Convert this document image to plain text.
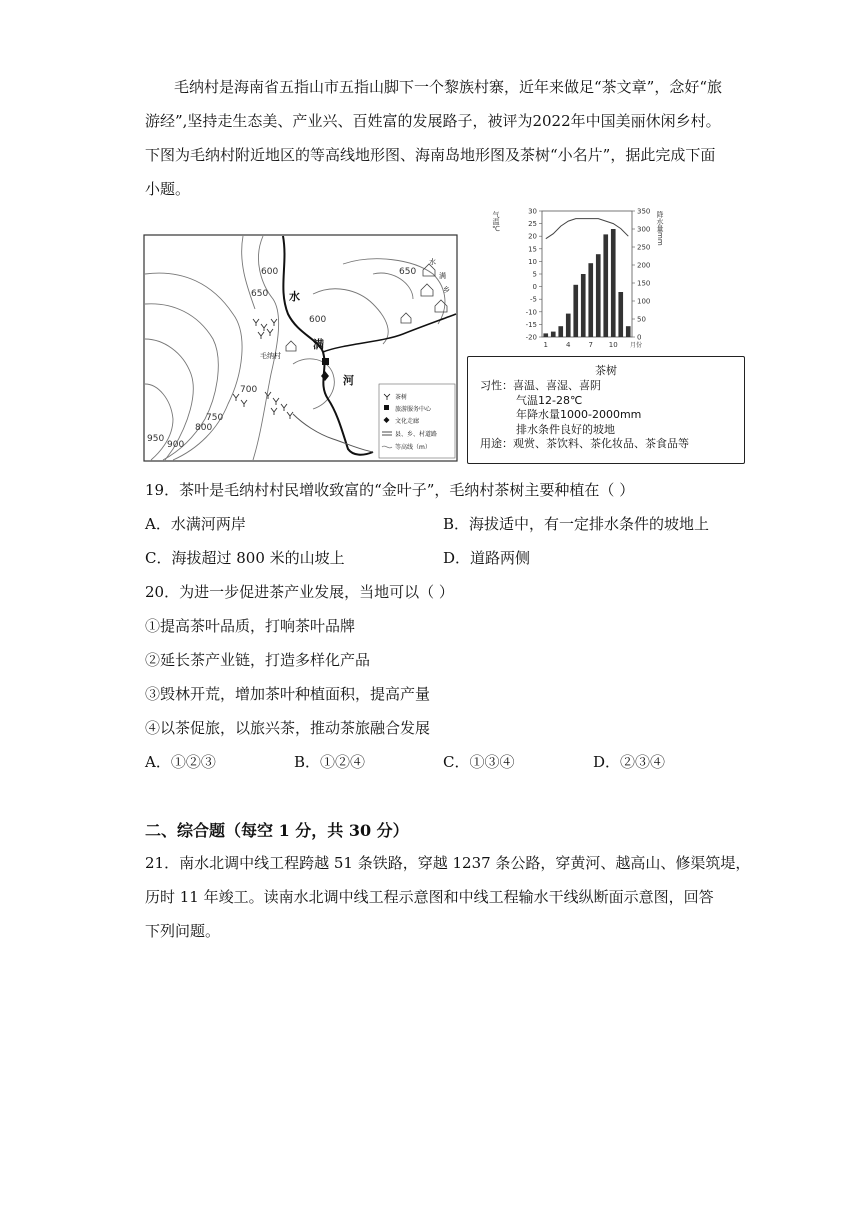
毛纳村是海南省五指山市五指山脚下一个黎族村寨，近年来做足“茶文章”，念好“旅
游经”,坚持走生态美、产业兴、百姓富的发展路子，被评为2022年中国美丽休闲乡村。
下图为毛纳村附近地区的等高线地形图、海南岛地形图及茶树“小名片”，据此完成下面
小题。
600
650
600
650
700
750
800
950
900
水
满
河
毛纳村
水
满
乡
茶树
旅游服务中心
文化走廊
县、乡、村道路
等高线（m）
气温℃	降水量mm
30
25
20
15
10
5
0
-5
-10
-15
-20
350
300
250
200
150
100
50
0
1	4	7 10 月份
茶树
习性：喜温、喜湿、喜阴
气温12-28℃
年降水量1000-2000mm
排水条件良好的坡地
用途：观赏、茶饮料、茶化妆品、茶食品等
19．茶叶是毛纳村村民增收致富的“金叶子”，毛纳村茶树主要种植在（ ）
A．水满河两岸	B．海拔适中，有一定排水条件的坡地上
C．海拔超过 800 米的山坡上	D．道路两侧
20．为进一步促进茶产业发展，当地可以（ ）
①提高茶叶品质，打响茶叶品牌
②延长茶产业链，打造多样化产品
③毁林开荒，增加茶叶种植面积，提高产量
④以茶促旅，以旅兴茶，推动茶旅融合发展
A．①②③	B．①②④	C．①③④	D．②③④
二、综合题（每空 1 分，共 30 分）
21．南水北调中线工程跨越 51 条铁路，穿越 1237 条公路，穿黄河、越高山、修渠筑堤，
历时 11 年竣工。读南水北调中线工程示意图和中线工程输水干线纵断面示意图，回答
下列问题。
